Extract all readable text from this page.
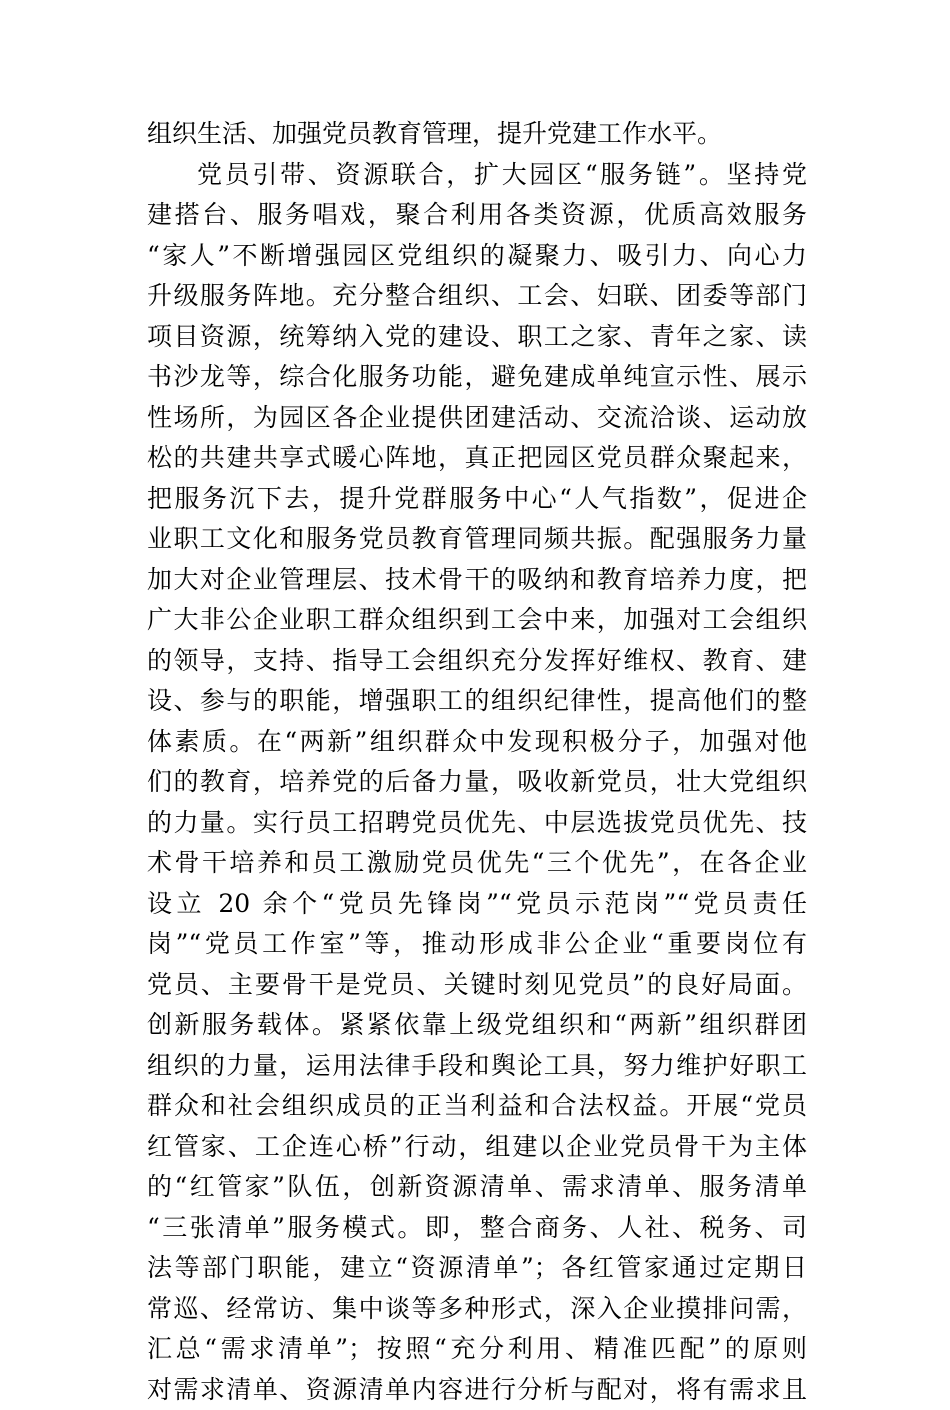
组织生活、加强党员教育管理，提升党建工作水平。
党员引带、资源联合，扩大园区“服务链”。坚持党
建搭台、服务唱戏，聚合利用各类资源，优质高效服务
“家人”不断增强园区党组织的凝聚力、吸引力、向心力
升级服务阵地。充分整合组织、工会、妇联、团委等部门
项目资源，统筹纳入党的建设、职工之家、青年之家、读
书沙龙等，综合化服务功能，避免建成单纯宣示性、展示
性场所，为园区各企业提供团建活动、交流洽谈、运动放
松的共建共享式暖心阵地，真正把园区党员群众聚起来，
把服务沉下去，提升党群服务中心“人气指数”，促进企
业职工文化和服务党员教育管理同频共振。配强服务力量
加大对企业管理层、技术骨干的吸纳和教育培养力度，把
广大非公企业职工群众组织到工会中来，加强对工会组织
的领导，支持、指导工会组织充分发挥好维权、教育、建
设、参与的职能，增强职工的组织纪律性，提高他们的整
体素质。在“两新”组织群众中发现积极分子，加强对他
们的教育，培养党的后备力量，吸收新党员，壮大党组织
的力量。实行员工招聘党员优先、中层选拔党员优先、技
术骨干培养和员工激励党员优先“三个优先”，在各企业
设立 20 余个“党员先锋岗”“党员示范岗”“党员责任
岗”“党员工作室”等，推动形成非公企业“重要岗位有
党员、主要骨干是党员、关键时刻见党员”的良好局面。
创新服务载体。紧紧依靠上级党组织和“两新”组织群团
组织的力量，运用法律手段和舆论工具，努力维护好职工
群众和社会组织成员的正当利益和合法权益。开展“党员
红管家、工企连心桥”行动，组建以企业党员骨干为主体
的“红管家”队伍，创新资源清单、需求清单、服务清单
“三张清单”服务模式。即，整合商务、人社、税务、司
法等部门职能，建立“资源清单”；各红管家通过定期日
常巡、经常访、集中谈等多种形式，深入企业摸排问需，
汇总“需求清单”；按照“充分利用、精准匹配”的原则
对需求清单、资源清单内容进行分析与配对，将有需求且
